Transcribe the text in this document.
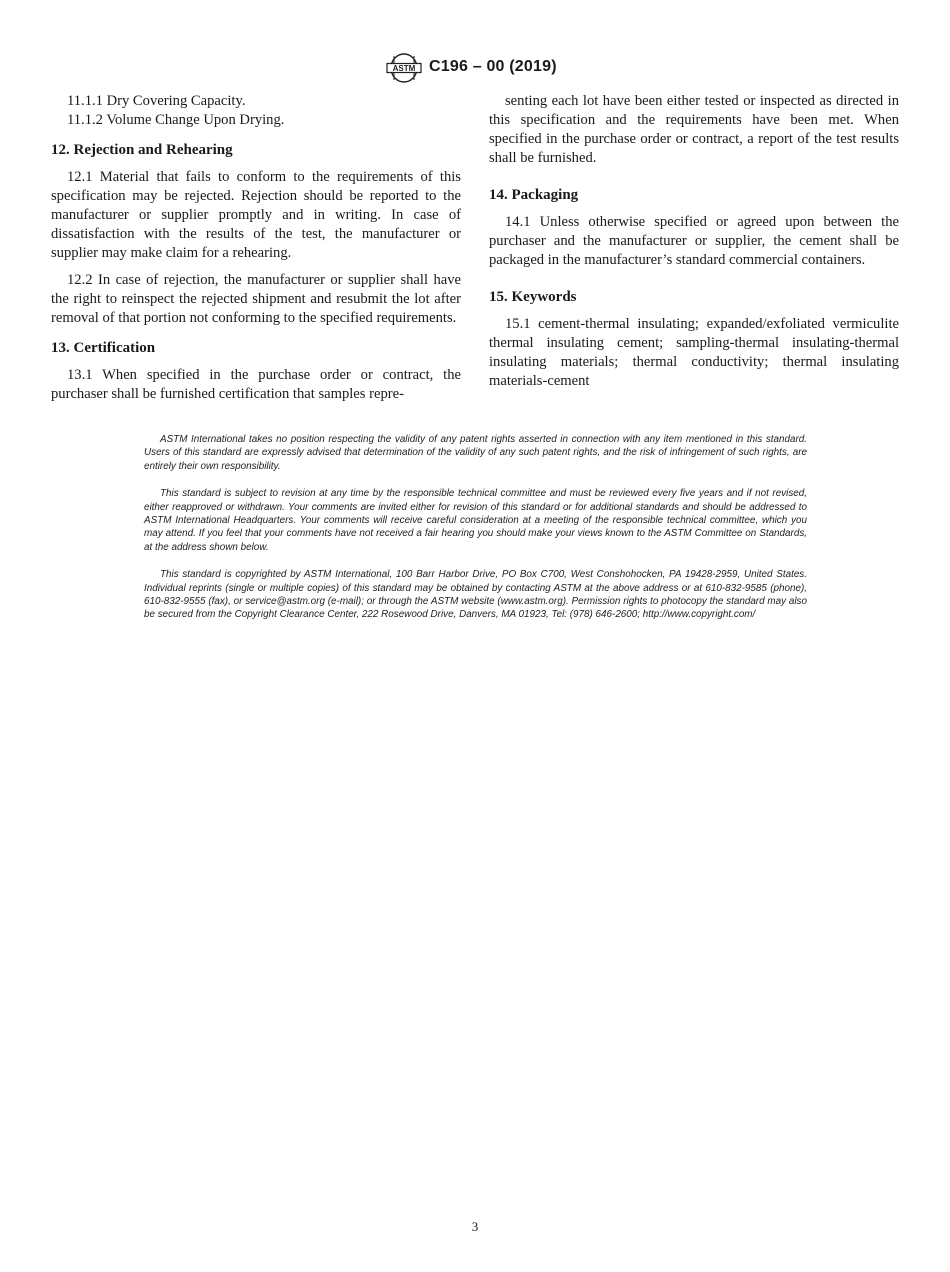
ASTM C196 – 00 (2019)

11.1.1 Dry Covering Capacity.

11.1.2 Volume Change Upon Drying.

12. Rejection and Rehearing

12.1 Material that fails to conform to the requirements of this specification may be rejected. Rejection should be reported to the manufacturer or supplier promptly and in writing. In case of dissatisfaction with the results of the test, the manufacturer or supplier may make claim for a rehearing.

12.2 In case of rejection, the manufacturer or supplier shall have the right to reinspect the rejected shipment and resubmit the lot after removal of that portion not conforming to the specified requirements.

13. Certification

13.1 When specified in the purchase order or contract, the purchaser shall be furnished certification that samples repre-

senting each lot have been either tested or inspected as directed in this specification and the requirements have been met. When specified in the purchase order or contract, a report of the test results shall be furnished.

14. Packaging

14.1 Unless otherwise specified or agreed upon between the purchaser and the manufacturer or supplier, the cement shall be packaged in the manufacturer’s standard commercial containers.

15. Keywords

15.1 cement-thermal insulating; expanded/exfoliated vermiculite thermal insulating cement; sampling-thermal insulating-thermal insulating materials; thermal conductivity; thermal insulating materials-cement

ASTM International takes no position respecting the validity of any patent rights asserted in connection with any item mentioned in this standard. Users of this standard are expressly advised that determination of the validity of any such patent rights, and the risk of infringement of such rights, are entirely their own responsibility.

This standard is subject to revision at any time by the responsible technical committee and must be reviewed every five years and if not revised, either reapproved or withdrawn. Your comments are invited either for revision of this standard or for additional standards and should be addressed to ASTM International Headquarters. Your comments will receive careful consideration at a meeting of the responsible technical committee, which you may attend. If you feel that your comments have not received a fair hearing you should make your views known to the ASTM Committee on Standards, at the address shown below.

This standard is copyrighted by ASTM International, 100 Barr Harbor Drive, PO Box C700, West Conshohocken, PA 19428-2959, United States. Individual reprints (single or multiple copies) of this standard may be obtained by contacting ASTM at the above address or at 610-832-9585 (phone), 610-832-9555 (fax), or service@astm.org (e-mail); or through the ASTM website (www.astm.org). Permission rights to photocopy the standard may also be secured from the Copyright Clearance Center, 222 Rosewood Drive, Danvers, MA 01923, Tel: (978) 646-2600; http://www.copyright.com/

3
